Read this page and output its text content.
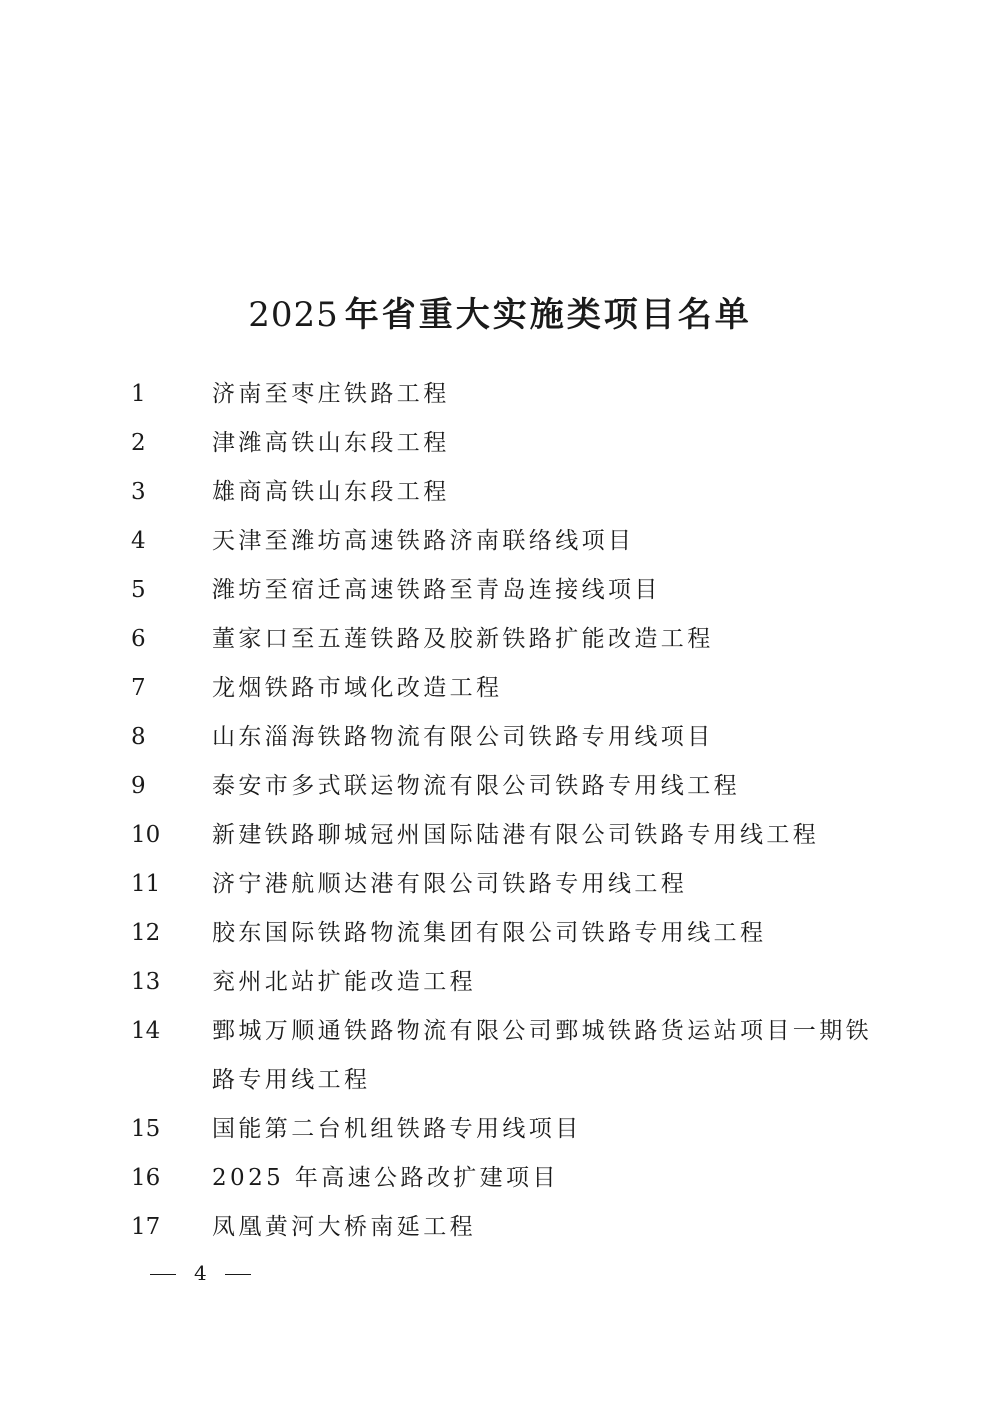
2025 年省重大实施类项目名单
1	济南至枣庄铁路工程
2	津潍高铁山东段工程
3	雄商高铁山东段工程
4	天津至潍坊高速铁路济南联络线项目
5	潍坊至宿迁高速铁路至青岛连接线项目
6	董家口至五莲铁路及胶新铁路扩能改造工程
7	龙烟铁路市域化改造工程
8	山东淄海铁路物流有限公司铁路专用线项目
9	泰安市多式联运物流有限公司铁路专用线工程
10 新建铁路聊城冠州国际陆港有限公司铁路专用线工程
11 济宁港航顺达港有限公司铁路专用线工程
12 胶东国际铁路物流集团有限公司铁路专用线工程
13 兖州北站扩能改造工程
14 鄄城万顺通铁路物流有限公司鄄城铁路货运站项目一期铁路专用线工程
15 国能第二台机组铁路专用线项目
16 2025 年高速公路改扩建项目
17 凤凰黄河大桥南延工程
4
